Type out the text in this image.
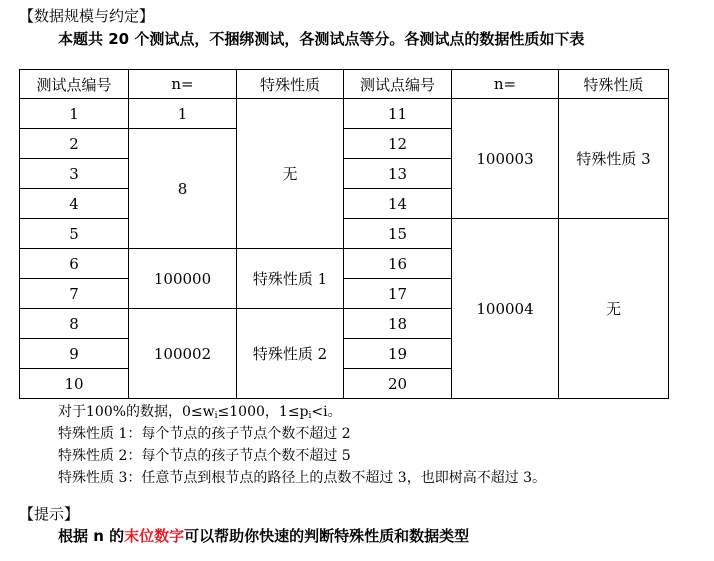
【数据规模与约定】
本题共 20 个测试点，不捆绑测试，各测试点等分。各测试点的数据性质如下表
测试点编号	n=	特殊性质	测试点编号	n=	特殊性质
1	1	无	11	100003	特殊性质 3
2	8		12		
3			13		
4			14		
5			15	100004	无
6	100000	特殊性质 1	16		
7			17		
8	100002	特殊性质 2	18		
9			19		
10			20		
对于100%的数据，$0\le w_i\le 1000$，$1\le p_i<i$。
特殊性质 1：每个节点的孩子节点个数不超过 2
特殊性质 2：每个节点的孩子节点个数不超过 5
特殊性质 3：任意节点到根节点的路径上的点数不超过 3，也即树高不超过 3。
【提示】
根据 n 的末位数字可以帮助你快速的判断特殊性质和数据类型
